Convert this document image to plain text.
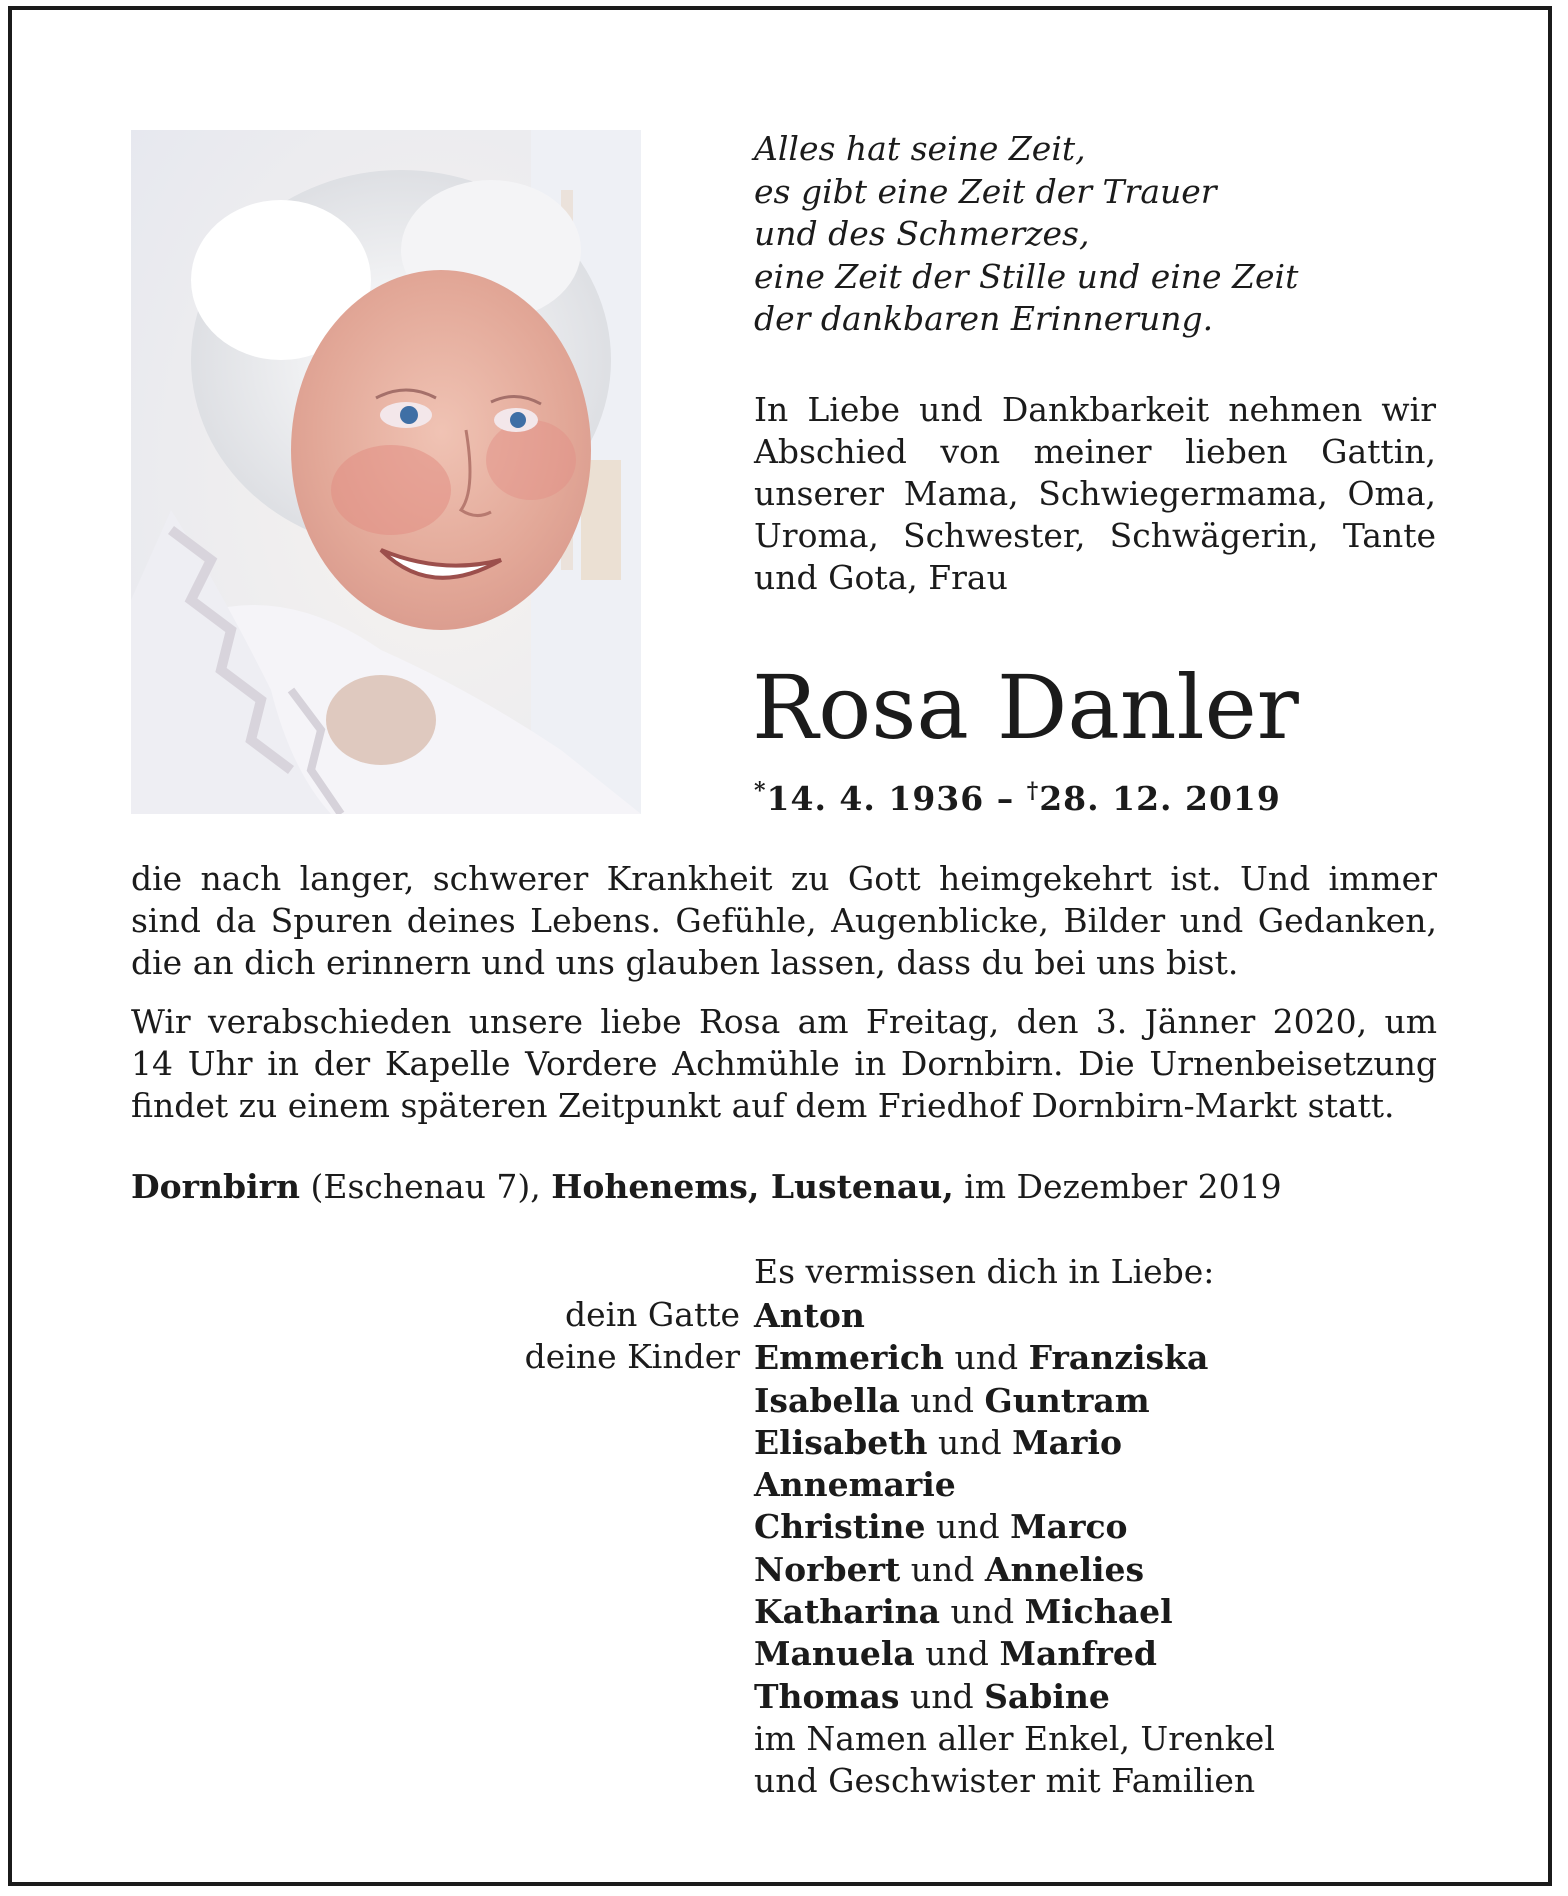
Alles hat seine Zeit,
es gibt eine Zeit der Trauer
und des Schmerzes,
eine Zeit der Stille und eine Zeit
der dankbaren Erinnerung.
In Liebe und Dankbarkeit nehmen wir
Abschied von meiner lieben Gattin,
unserer Mama, Schwiegermama, Oma,
Uroma, Schwester, Schwägerin, Tante
und Gota, Frau
Rosa Danler
*14. 4. 1936 – †28. 12. 2019
die nach langer, schwerer Krankheit zu Gott heimgekehrt ist. Und immer
sind da Spuren deines Lebens. Gefühle, Augenblicke, Bilder und Gedanken,
die an dich erinnern und uns glauben lassen, dass du bei uns bist.
Wir verabschieden unsere liebe Rosa am Freitag, den 3. Jänner 2020, um
14 Uhr in der Kapelle Vordere Achmühle in Dornbirn. Die Urnenbeisetzung
findet zu einem späteren Zeitpunkt auf dem Friedhof Dornbirn-Markt statt.
Dornbirn (Eschenau 7), Hohenems, Lustenau, im Dezember 2019
Es vermissen dich in Liebe:
dein Gatte
deine Kinder
Anton
Emmerich und Franziska
Isabella und Guntram
Elisabeth und Mario
Annemarie
Christine und Marco
Norbert und Annelies
Katharina und Michael
Manuela und Manfred
Thomas und Sabine
im Namen aller Enkel, Urenkel
und Geschwister mit Familien
